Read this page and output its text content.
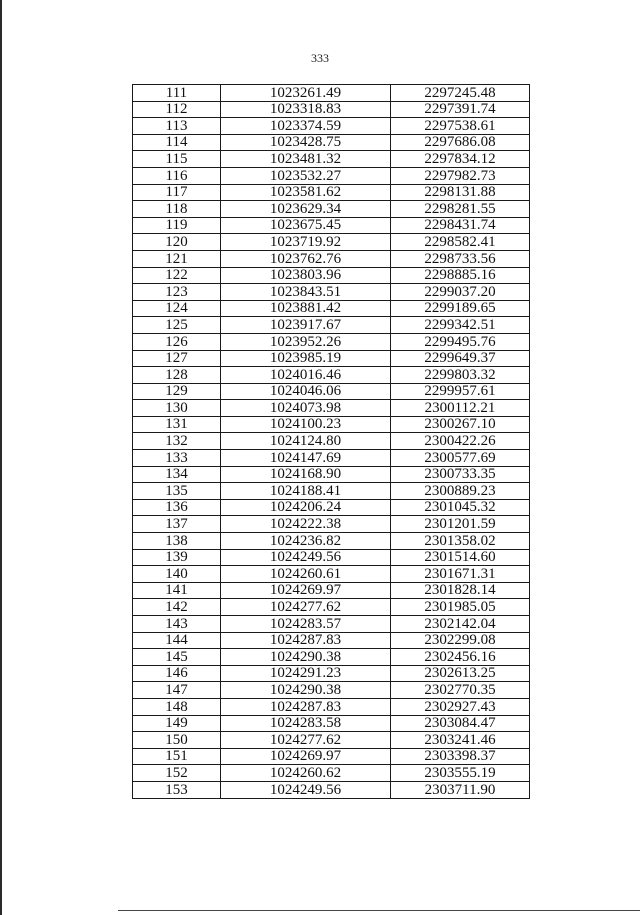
333
111	1023261.49	2297245.48
112	1023318.83	2297391.74
113	1023374.59	2297538.61
114	1023428.75	2297686.08
115	1023481.32	2297834.12
116	1023532.27	2297982.73
117	1023581.62	2298131.88
118	1023629.34	2298281.55
119	1023675.45	2298431.74
120	1023719.92	2298582.41
121	1023762.76	2298733.56
122	1023803.96	2298885.16
123	1023843.51	2299037.20
124	1023881.42	2299189.65
125	1023917.67	2299342.51
126	1023952.26	2299495.76
127	1023985.19	2299649.37
128	1024016.46	2299803.32
129	1024046.06	2299957.61
130	1024073.98	2300112.21
131	1024100.23	2300267.10
132	1024124.80	2300422.26
133	1024147.69	2300577.69
134	1024168.90	2300733.35
135	1024188.41	2300889.23
136	1024206.24	2301045.32
137	1024222.38	2301201.59
138	1024236.82	2301358.02
139	1024249.56	2301514.60
140	1024260.61	2301671.31
141	1024269.97	2301828.14
142	1024277.62	2301985.05
143	1024283.57	2302142.04
144	1024287.83	2302299.08
145	1024290.38	2302456.16
146	1024291.23	2302613.25
147	1024290.38	2302770.35
148	1024287.83	2302927.43
149	1024283.58	2303084.47
150	1024277.62	2303241.46
151	1024269.97	2303398.37
152	1024260.62	2303555.19
153	1024249.56	2303711.90
